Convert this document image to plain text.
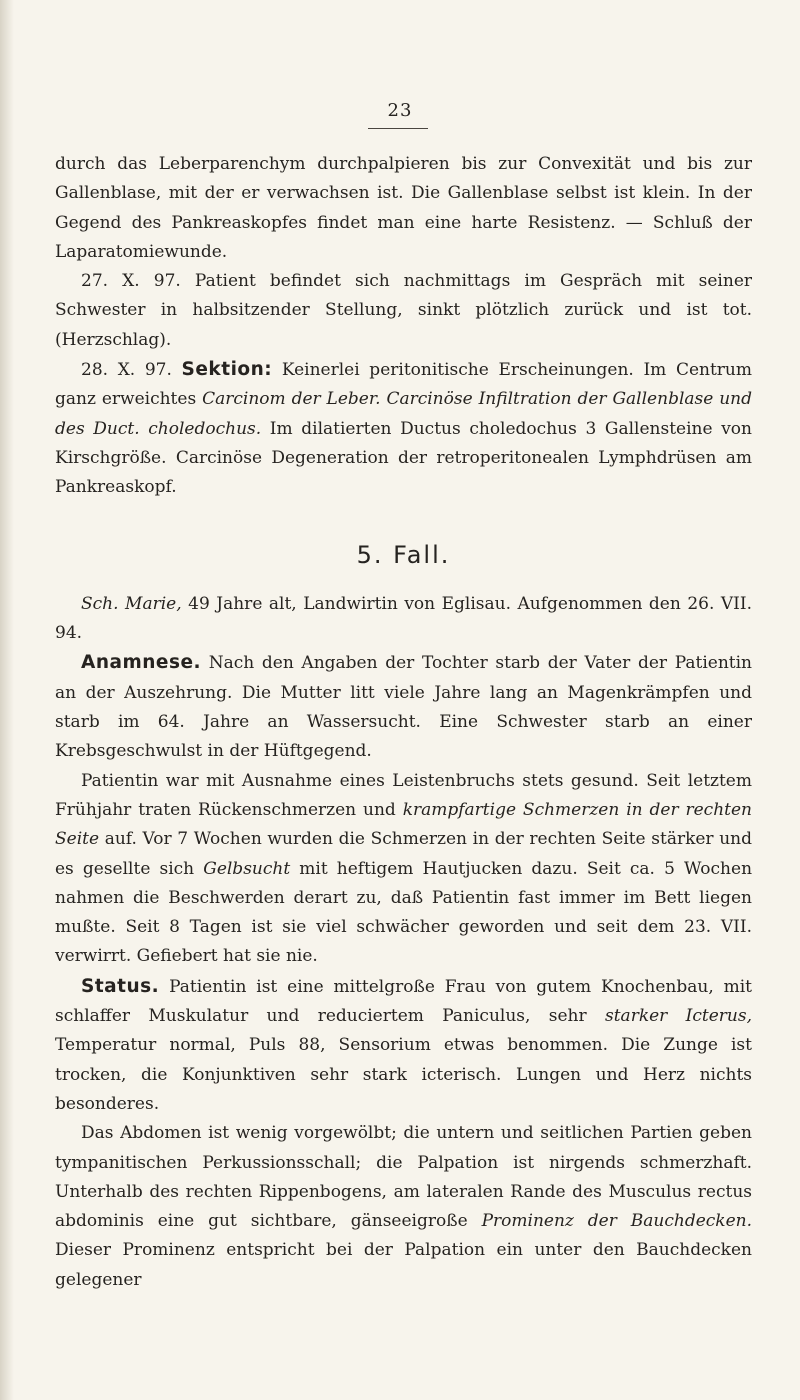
23

durch das Leberparenchym durchpalpieren bis zur Convexität und bis zur Gallenblase, mit der er verwachsen ist. Die Gallenblase selbst ist klein. In der Gegend des Pankreaskopfes findet man eine harte Resistenz. — Schluß der Laparatomiewunde.

27. X. 97. Patient befindet sich nachmittags im Gespräch mit seiner Schwester in halbsitzender Stellung, sinkt plötzlich zurück und ist tot. (Herzschlag).

28. X. 97. Sektion: Keinerlei peritonitische Erscheinungen. Im Centrum ganz erweichtes Carcinom der Leber. Carcinöse Infiltration der Gallenblase und des Duct. choledochus. Im dilatierten Ductus choledochus 3 Gallensteine von Kirschgröße. Carcinöse Degeneration der retroperitonealen Lymphdrüsen am Pankreaskopf.

5. Fall.

Sch. Marie, 49 Jahre alt, Landwirtin von Eglisau. Aufgenommen den 26. VII. 94.

Anamnese. Nach den Angaben der Tochter starb der Vater der Patientin an der Auszehrung. Die Mutter litt viele Jahre lang an Magenkrämpfen und starb im 64. Jahre an Wassersucht. Eine Schwester starb an einer Krebsgeschwulst in der Hüftgegend.

Patientin war mit Ausnahme eines Leistenbruchs stets gesund. Seit letztem Frühjahr traten Rückenschmerzen und krampfartige Schmerzen in der rechten Seite auf. Vor 7 Wochen wurden die Schmerzen in der rechten Seite stärker und es gesellte sich Gelbsucht mit heftigem Hautjucken dazu. Seit ca. 5 Wochen nahmen die Beschwerden derart zu, daß Patientin fast immer im Bett liegen mußte. Seit 8 Tagen ist sie viel schwächer geworden und seit dem 23. VII. verwirrt. Gefiebert hat sie nie.

Status. Patientin ist eine mittelgroße Frau von gutem Knochenbau, mit schlaffer Muskulatur und reduciertem Paniculus, sehr starker Icterus, Temperatur normal, Puls 88, Sensorium etwas benommen. Die Zunge ist trocken, die Konjunktiven sehr stark icterisch. Lungen und Herz nichts besonderes.

Das Abdomen ist wenig vorgewölbt; die untern und seitlichen Partien geben tympanitischen Perkussionsschall; die Palpation ist nirgends schmerzhaft. Unterhalb des rechten Rippenbogens, am lateralen Rande des Musculus rectus abdominis eine gut sichtbare, gänseeigroße Prominenz der Bauchdecken. Dieser Prominenz entspricht bei der Palpation ein unter den Bauchdecken gelegener
